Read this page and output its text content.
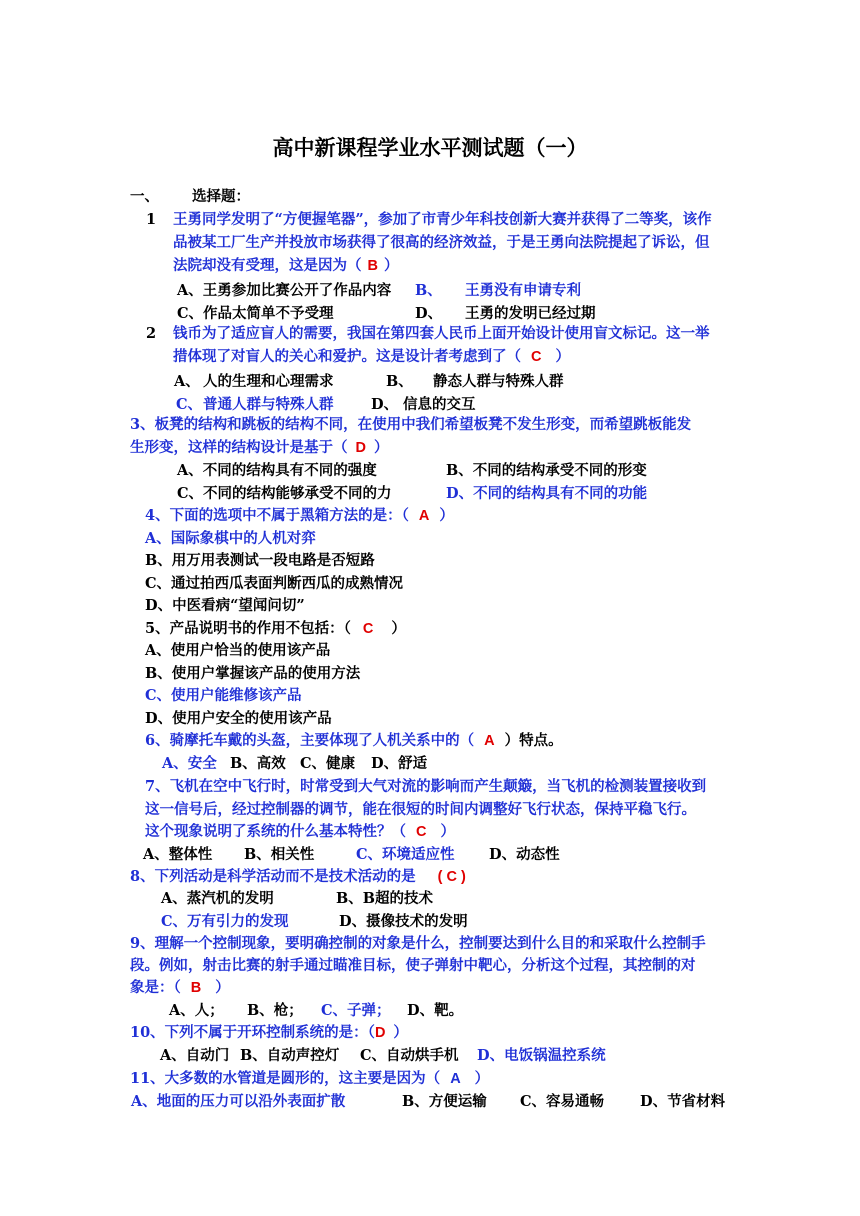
高中新课程学业水平测试题（一）
一、 选择题：
1 王勇同学发明了“方便握笔器”，参加了市青少年科技创新大赛并获得了二等奖，该作
品被某工厂生产并投放市场获得了很高的经济效益，于是王勇向法院提起了诉讼，但
法院却没有受理，这是因为（ B ）
A、王勇参加比赛公开了作品内容 B、 王勇没有申请专利
C、作品太简单不予受理	D、 王勇的发明已经过期
2 钱币为了适应盲人的需要，我国在第四套人民币上面开始设计使用盲文标记。这一举
措体现了对盲人的关心和爱护。这是设计者考虑到了（ C ）
A、 人的生理和心理需求	B、 静态人群与特殊人群
C、 普通人群与特殊人群	D、 信息的交互
3、板凳的结构和跳板的结构不同，在使用中我们希望板凳不发生形变，而希望跳板能发
生形变，这样的结构设计是基于（ D ）
A、不同的结构具有不同的强度	B、不同的结构承受不同的形变
C、不同的结构能够承受不同的力	D、不同的结构具有不同的功能
4、下面的选项中不属于黑箱方法的是：（ A ）
A、国际象棋中的人机对弈
B、用万用表测试一段电路是否短路
C、通过拍西瓜表面判断西瓜的成熟情况
D、中医看病“望闻问切”
5、产品说明书的作用不包括：（ C ）
A、使用户恰当的使用该产品
B、使用户掌握该产品的使用方法
C、使用户能维修该产品
D、使用户安全的使用该产品
6、骑摩托车戴的头盔，主要体现了人机关系中的（ A ）特点。
A、安全 B、高效 C、健康 D、舒适
7、飞机在空中飞行时，时常受到大气对流的影响而产生颠簸，当飞机的检测装置接收到
这一信号后，经过控制器的调节，能在很短的时间内调整好飞行状态，保持平稳飞行。
这个现象说明了系统的什么基本特性？（ C ）
A、整体性 B、相关性	C、环境适应性 D、动态性
8、下列活动是科学活动而不是技术活动的是 ( C )
A、蒸汽机的发明	B、B超的技术
C、万有引力的发现	D、摄像技术的发明
9、理解一个控制现象，要明确控制的对象是什么，控制要达到什么目的和采取什么控制手
段。例如，射击比赛的射手通过瞄准目标，使子弹射中靶心，分析这个过程，其控制的对
象是：（ B ）
A、人； B、枪； C、子弹； D、靶。
10、下列不属于开环控制系统的是：（D ）
A、自动门 B、自动声控灯 C、自动烘手机 D、电饭锅温控系统
11、大多数的水管道是圆形的，这主要是因为（ A ）
A、地面的压力可以沿外表面扩散	B、方便运输 C、容易通畅 D、节省材料
